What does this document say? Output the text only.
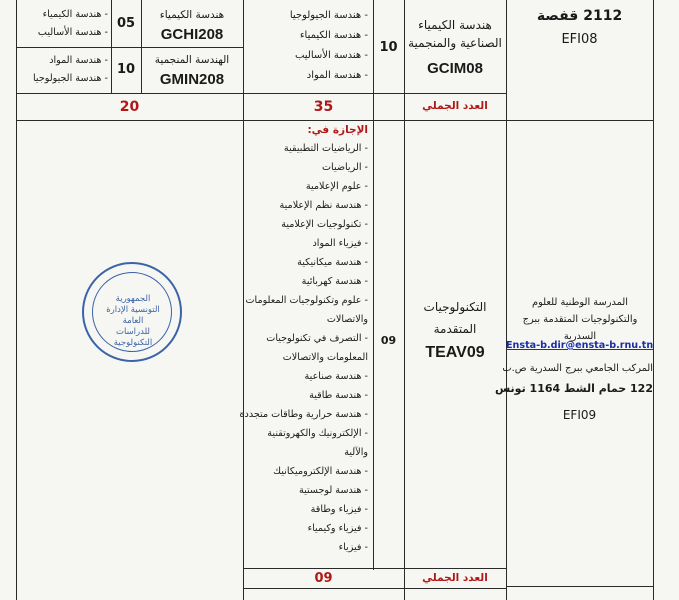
2112 قفصة
EFI08
هندسة الكيمياء الصناعية والمنجمية
GCIM08
10
- هندسة الجيولوجيا
- هندسة الكيمياء
- هندسة الأساليب
- هندسة المواد
هندسة الكيمياء
GCHI208
05
- هندسة الكيمياء
- هندسة الأساليب
الهندسة المنجمية
GMIN208
10
- هندسة المواد
- هندسة الجيولوجيا
العدد الجملي
35
20
المدرسة الوطنية للعلوم والتكنولوجيات المتقدمة ببرج السدرية
Ensta-b.dir@ensta-b.rnu.tn
المركب الجامعي ببرج السدرية ص.ب
122 حمام الشط 1164 تونس
EFI09
التكنولوجيات
المتقدمة
TEAV09
09
الإجازة في:
- الرياضيات التطبيقية
- الرياضيات
- علوم الإعلامية
- هندسة نظم الإعلامية
- تكنولوجيات الإعلامية
- فيزياء المواد
- هندسة ميكانيكية
- هندسة كهربائية
- علوم وتكنولوجيات المعلومات
والاتصالات
- التصرف في تكنولوجيات
المعلومات والاتصالات
- هندسة صناعية
- هندسة طاقية
- هندسة حرارية وطاقات متجددة
- الإلكترونيك والكهروتقنية
والآلية
- هندسة الإلكتروميكانيك
- هندسة لوجستية
- فيزياء وطاقة
- فيزياء وكيمياء
- فيزياء
الجمهورية التونسية الإدارة العامة للدراسات التكنولوجية
العدد الجملي
09
